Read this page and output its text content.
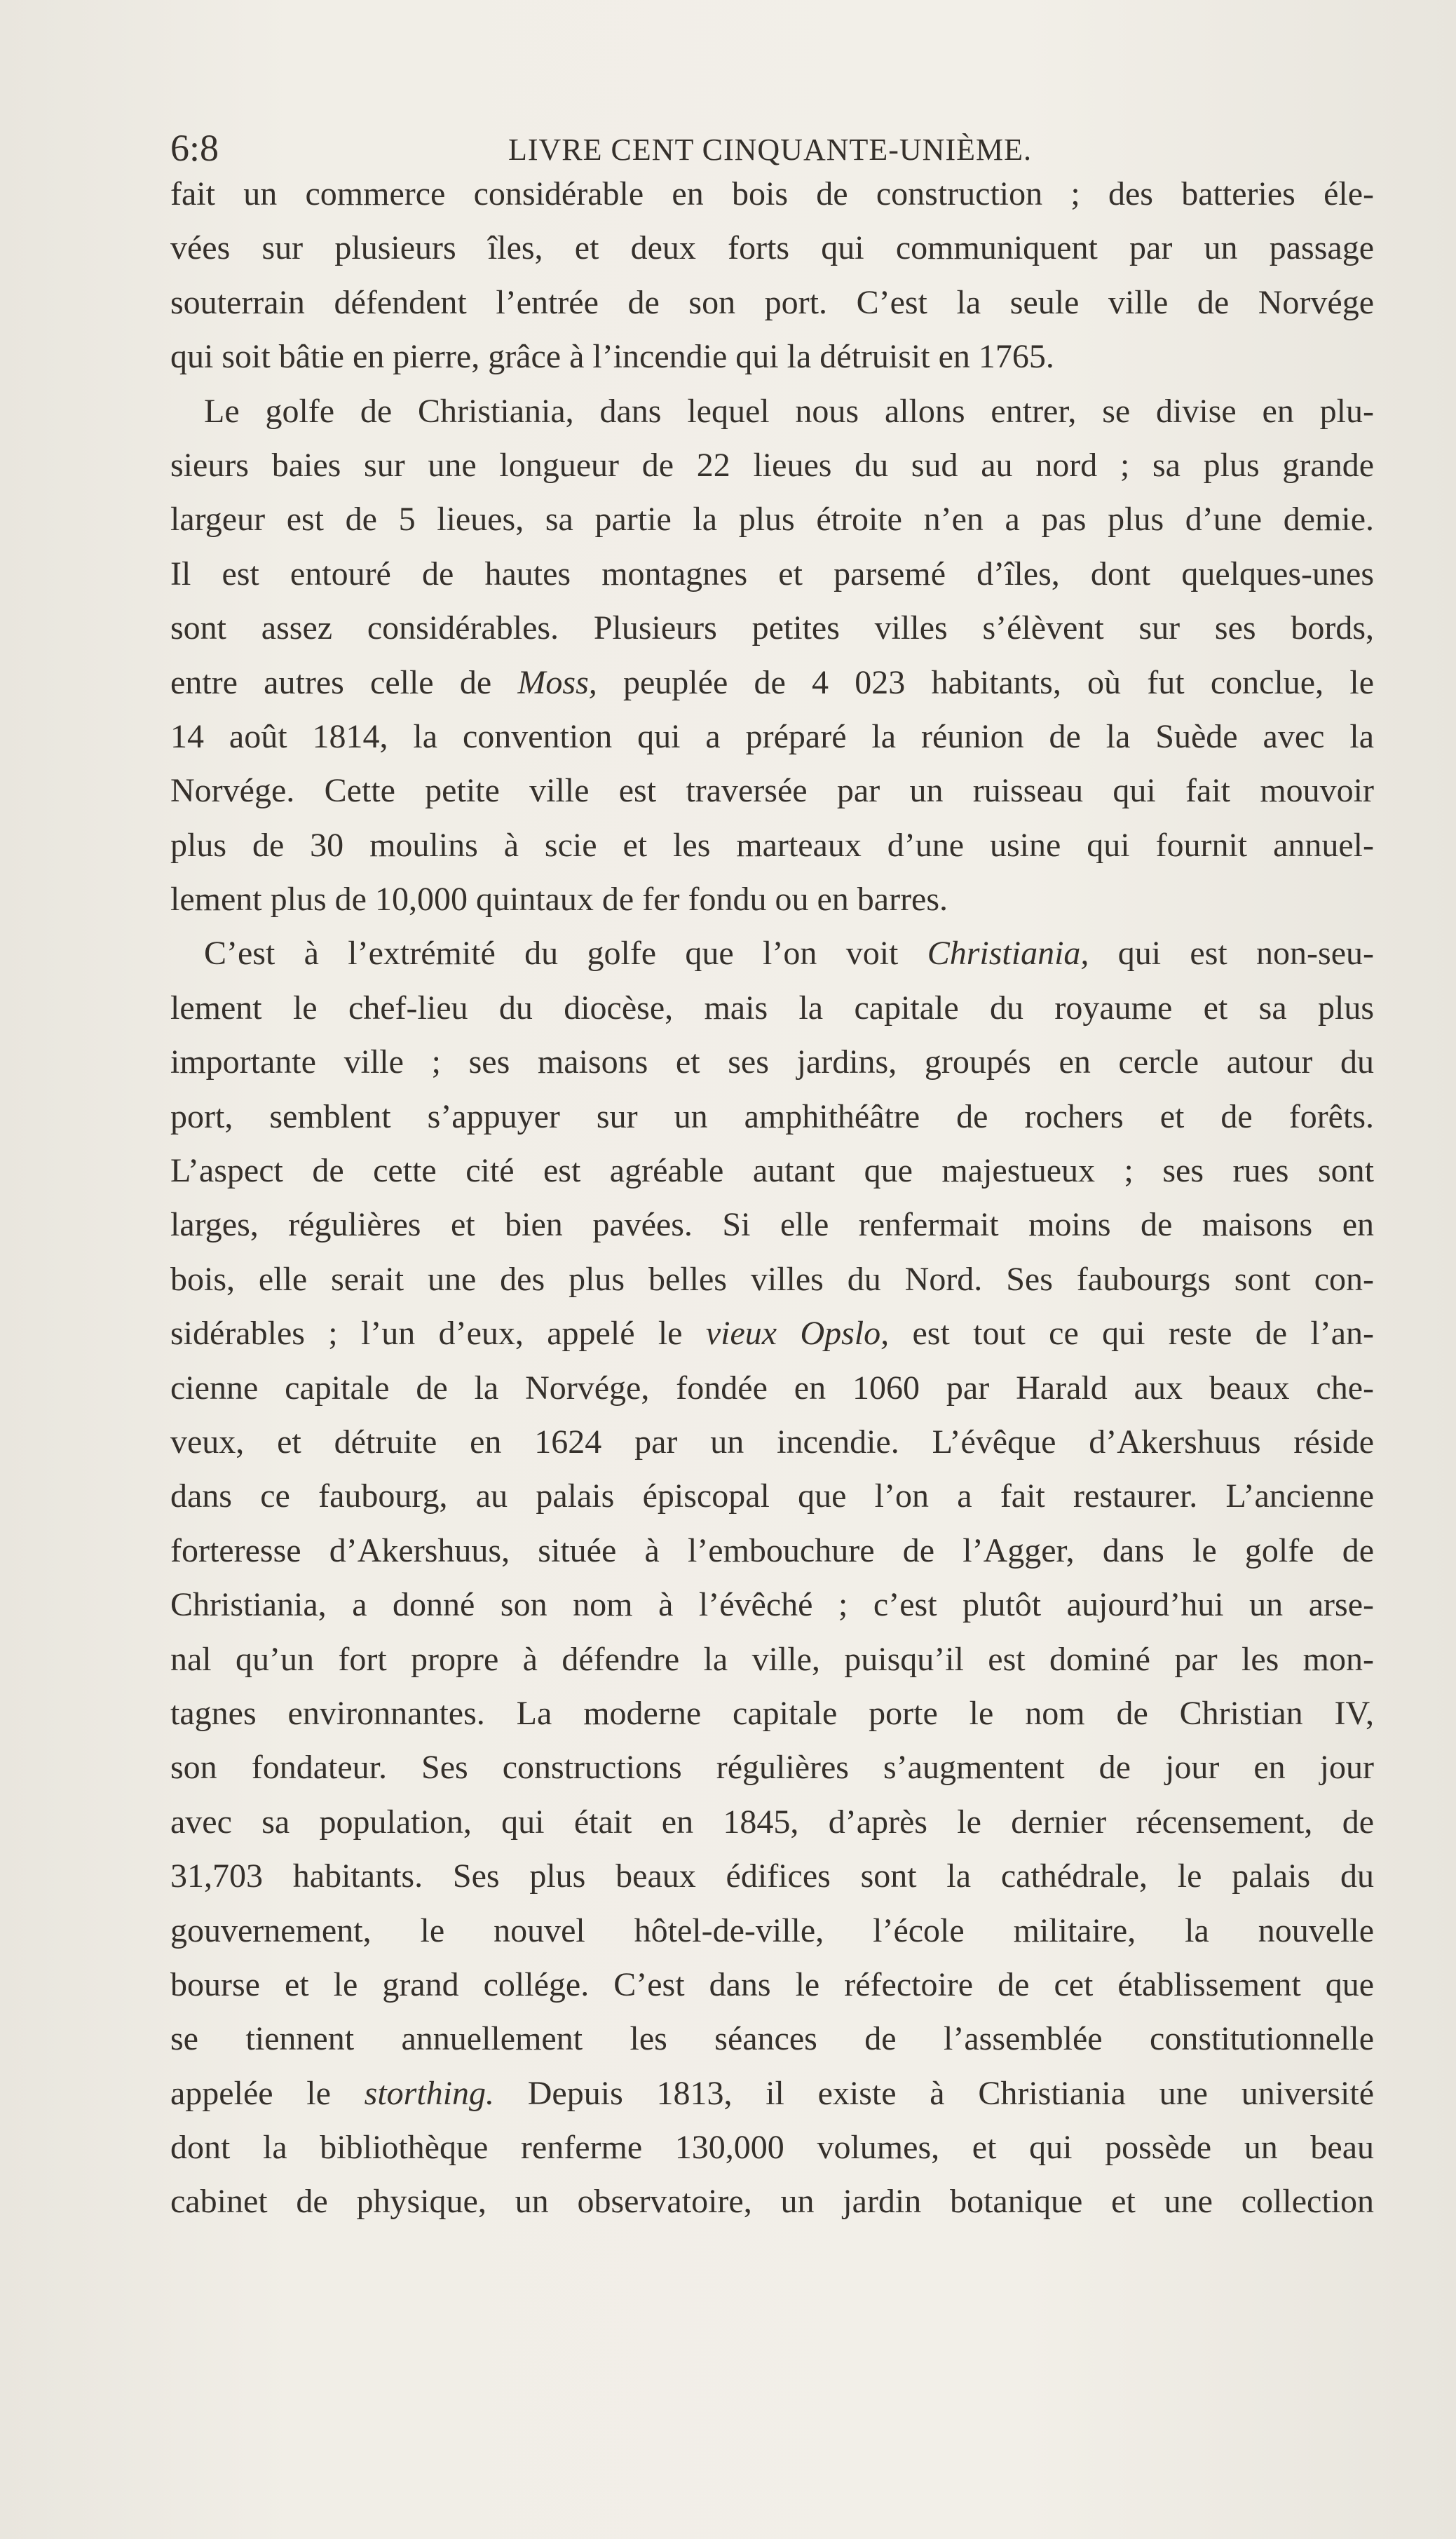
6:8	LIVRE CENT CINQUANTE-UNIÈME.
fait un commerce considérable en bois de construction ; des batteries éle-
vées sur plusieurs îles, et deux forts qui communiquent par un passage
souterrain défendent l’entrée de son port. C’est la seule ville de Norvége
qui soit bâtie en pierre, grâce à l’incendie qui la détruisit en 1765.
Le golfe de Christiania, dans lequel nous allons entrer, se divise en plu-
sieurs baies sur une longueur de 22 lieues du sud au nord ; sa plus grande
largeur est de 5 lieues, sa partie la plus étroite n’en a pas plus d’une demie.
Il est entouré de hautes montagnes et parsemé d’îles, dont quelques-unes
sont assez considérables. Plusieurs petites villes s’élèvent sur ses bords,
entre autres celle de Moss, peuplée de 4 023 habitants, où fut conclue, le
14 août 1814, la convention qui a préparé la réunion de la Suède avec la
Norvége. Cette petite ville est traversée par un ruisseau qui fait mouvoir
plus de 30 moulins à scie et les marteaux d’une usine qui fournit annuel-
lement plus de 10,000 quintaux de fer fondu ou en barres.
C’est à l’extrémité du golfe que l’on voit Christiania, qui est non-seu-
lement le chef-lieu du diocèse, mais la capitale du royaume et sa plus
importante ville ; ses maisons et ses jardins, groupés en cercle autour du
port, semblent s’appuyer sur un amphithéâtre de rochers et de forêts.
L’aspect de cette cité est agréable autant que majestueux ; ses rues sont
larges, régulières et bien pavées. Si elle renfermait moins de maisons en
bois, elle serait une des plus belles villes du Nord. Ses faubourgs sont con-
sidérables ; l’un d’eux, appelé le vieux Opslo, est tout ce qui reste de l’an-
cienne capitale de la Norvége, fondée en 1060 par Harald aux beaux che-
veux, et détruite en 1624 par un incendie. L’évêque d’Akershuus réside
dans ce faubourg, au palais épiscopal que l’on a fait restaurer. L’ancienne
forteresse d’Akershuus, située à l’embouchure de l’Agger, dans le golfe de
Christiania, a donné son nom à l’évêché ; c’est plutôt aujourd’hui un arse-
nal qu’un fort propre à défendre la ville, puisqu’il est dominé par les mon-
tagnes environnantes. La moderne capitale porte le nom de Christian IV,
son fondateur. Ses constructions régulières s’augmentent de jour en jour
avec sa population, qui était en 1845, d’après le dernier récensement, de
31,703 habitants. Ses plus beaux édifices sont la cathédrale, le palais du
gouvernement, le nouvel hôtel-de-ville, l’école militaire, la nouvelle
bourse et le grand collége. C’est dans le réfectoire de cet établissement que
se tiennent annuellement les séances de l’assemblée constitutionnelle
appelée le storthing. Depuis 1813, il existe à Christiania une université
dont la bibliothèque renferme 130,000 volumes, et qui possède un beau
cabinet de physique, un observatoire, un jardin botanique et une collection
